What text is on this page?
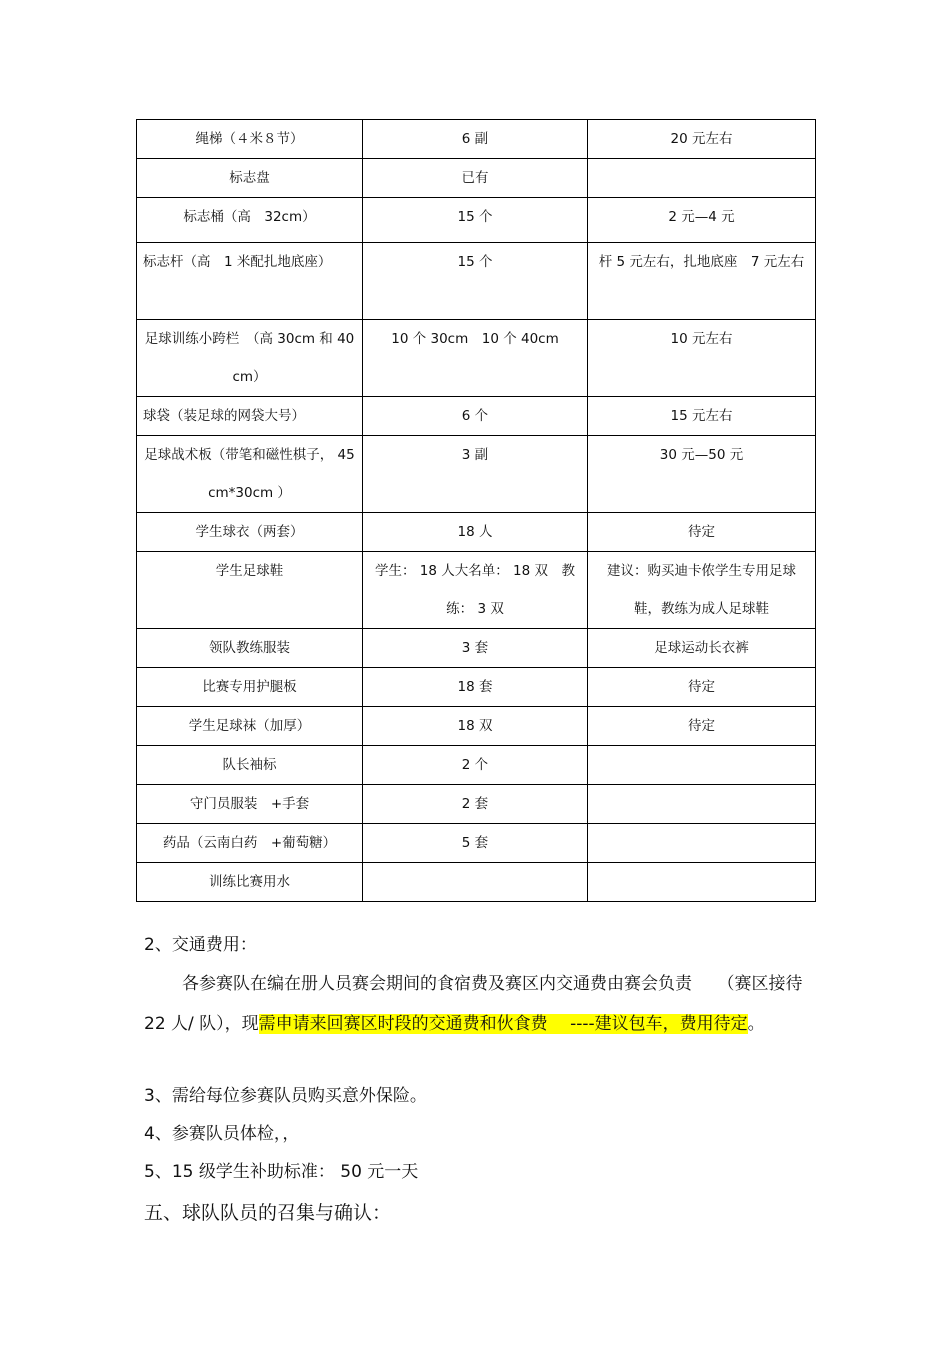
绳梯（４米８节）	6 副	20 元左右
标志盘	已有	
标志桶（高　32cm）	15 个	2 元—4 元
标志杆（高　1 米配扎地底座）	15 个	杆 5 元左右，扎地底座　7 元左右
足球训练小跨栏　（高 30cm 和 40cm）	10 个 30cm　10 个 40cm	10 元左右
球袋（装足球的网袋大号）	6 个	15 元左右
足球战术板（带笔和磁性棋子， 45cm*30cm ）	3 副	30 元—50 元
学生球衣（两套）	18 人	待定
学生足球鞋	学生： 18 人大名单： 18 双　教练： 3 双	建议：购买迪卡侬学生专用足球鞋，教练为成人足球鞋
领队教练服装	3 套	足球运动长衣裤
比赛专用护腿板	18 套	待定
学生足球袜（加厚）	18 双	待定
队长袖标	2 个	
守门员服装　+手套	2 套	
药品（云南白药　+葡萄糖）	5 套	
训练比赛用水		

2、交通费用：

各参赛队在编在册人员赛会期间的食宿费及赛区内交通费由赛会负责　　（赛区接待 22 人/ 队），现需申请来回赛区时段的交通费和伙食费　 ----建议包车，费用待定。

3、需给每位参赛队员购买意外保险。

4、参赛队员体检，，

5、15 级学生补助标准： 50 元一天

五、球队队员的召集与确认：
